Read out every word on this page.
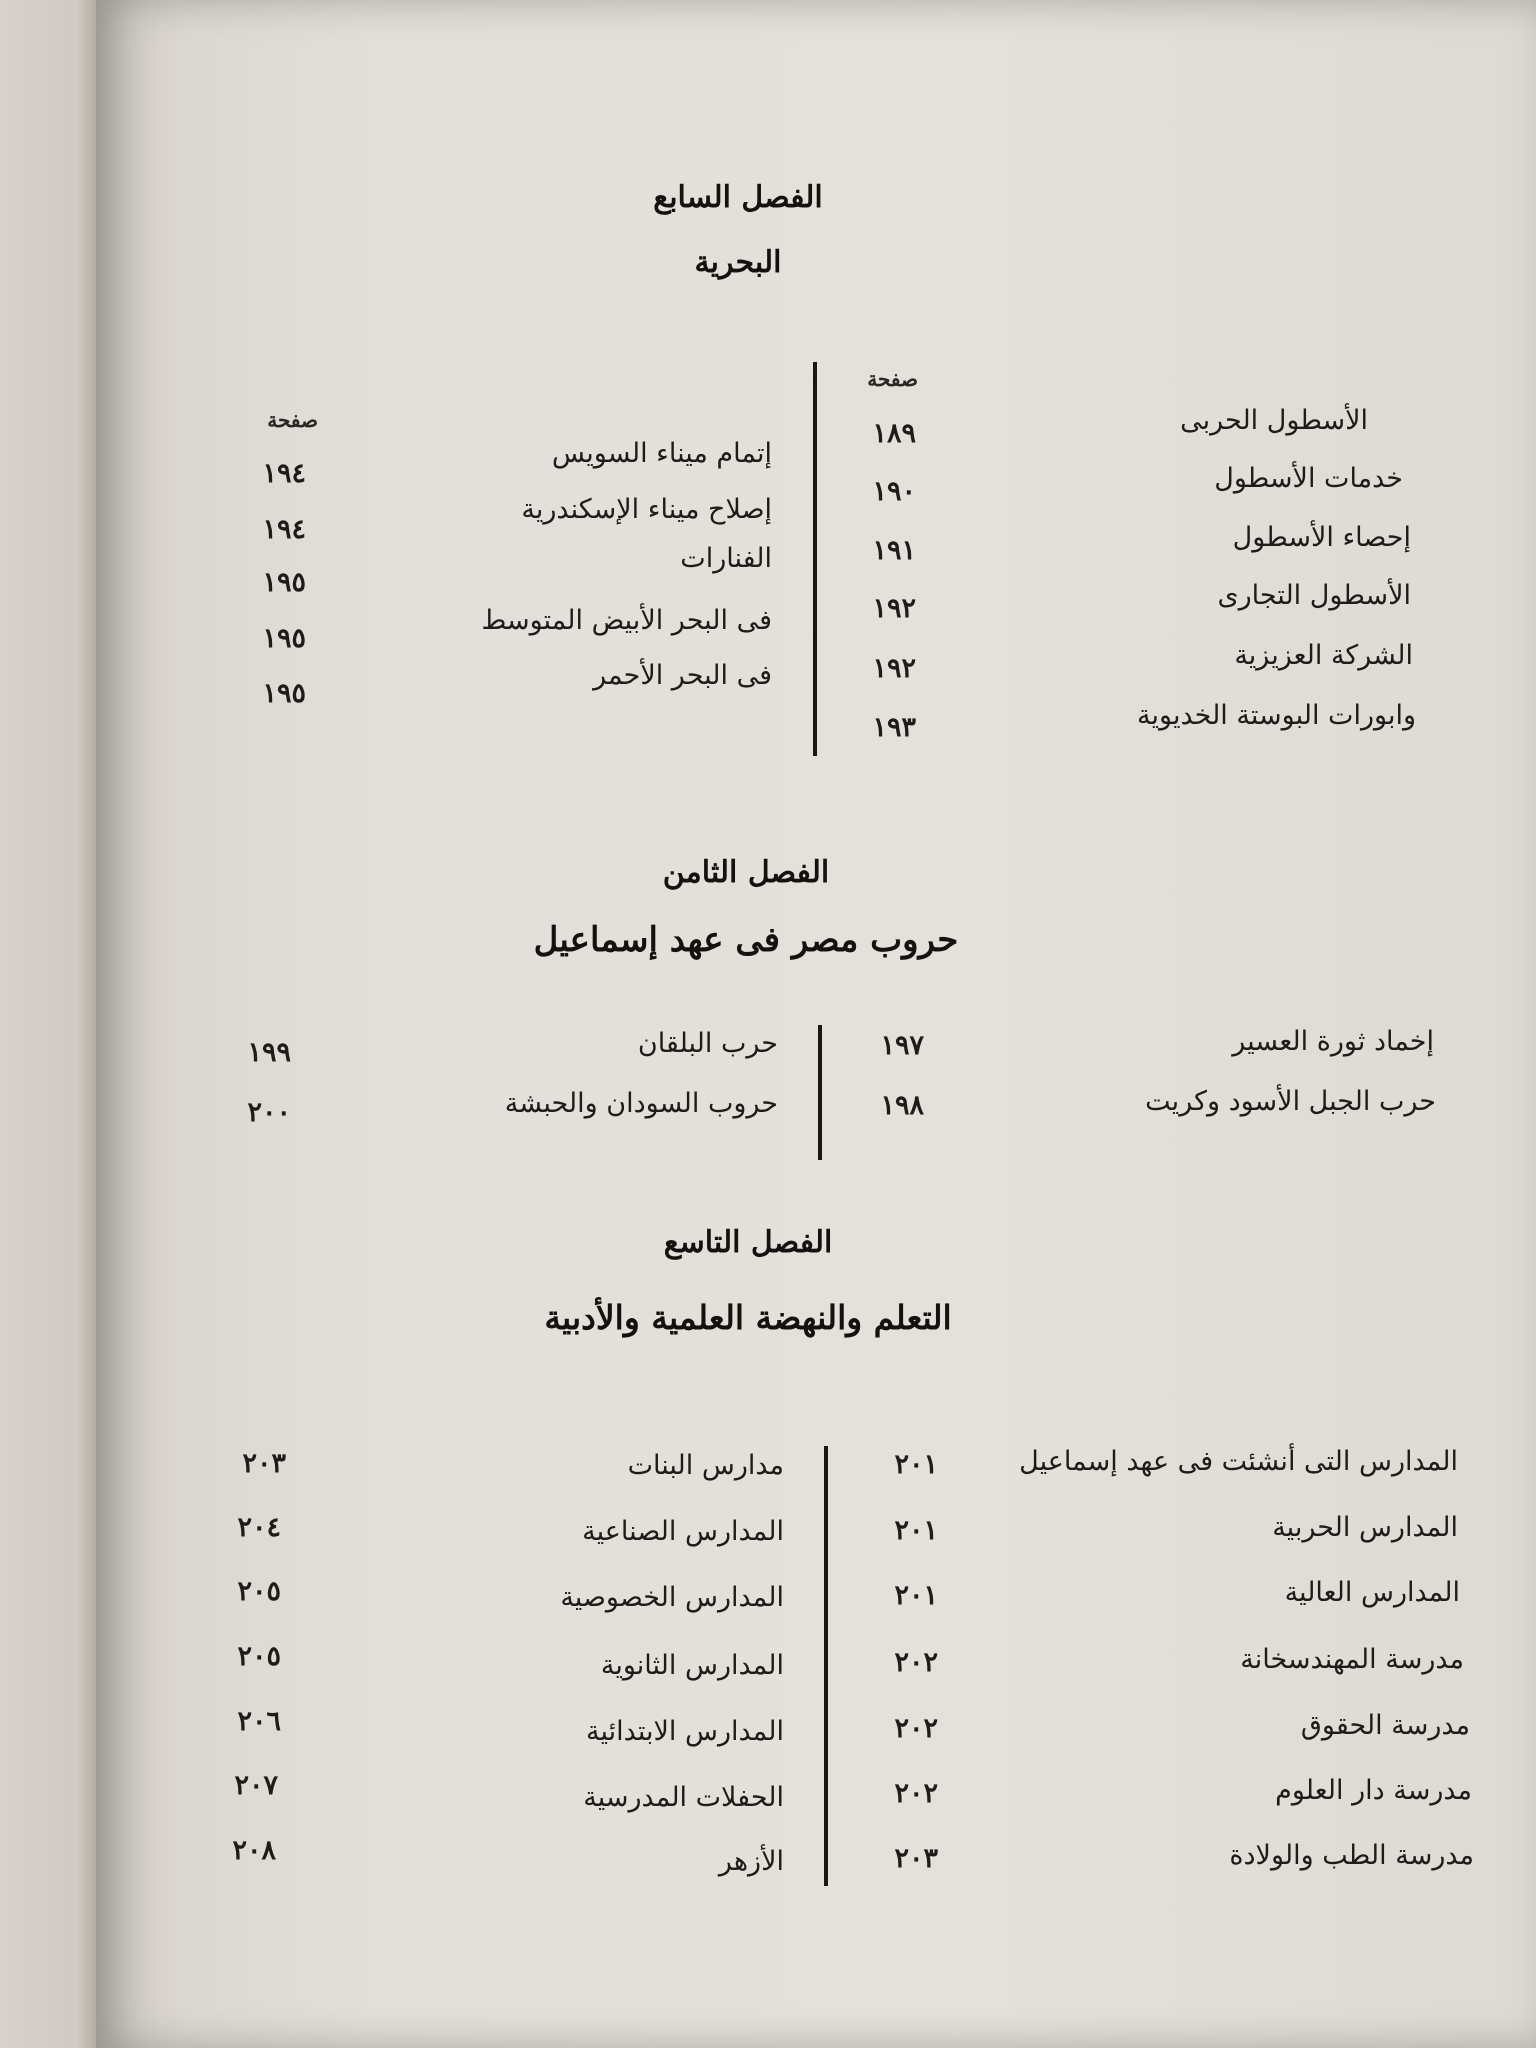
الفصل السابع
البحرية
صفحة
صفحة	الأسطول الحربى
١٨٩
خدمات الأسطول
١٩٠
إحصاء الأسطول
١٩١
الأسطول التجارى
١٩٢
الشركة العزيزية
١٩٢
وابورات البوستة الخديوية
١٩٣
إتمام ميناء السويس
١٩٤
إصلاح ميناء الإسكندرية
١٩٤
الفنارات
١٩٥
فى البحر الأبيض المتوسط
١٩٥
فى البحر الأحمر
١٩٥
الفصل الثامن
حروب مصر فى عهد إسماعيل
إخماد ثورة العسير
١٩٧
حرب الجبل الأسود وكريت
١٩٨
حرب البلقان
١٩٩
حروب السودان والحبشة
٢٠٠
الفصل التاسع
التعلم والنهضة العلمية والأدبية
المدارس التى أنشئت فى عهد إسماعيل
٢٠١
المدارس الحربية
٢٠١
المدارس العالية
٢٠١
مدرسة المهندسخانة
٢٠٢
مدرسة الحقوق
٢٠٢
مدرسة دار العلوم
٢٠٢
مدرسة الطب والولادة
٢٠٣
مدارس البنات
٢٠٣
المدارس الصناعية
٢٠٤
المدارس الخصوصية
٢٠٥
المدارس الثانوية
٢٠٥
المدارس الابتدائية
٢٠٦
الحفلات المدرسية
٢٠٧
الأزهر
٢٠٨
